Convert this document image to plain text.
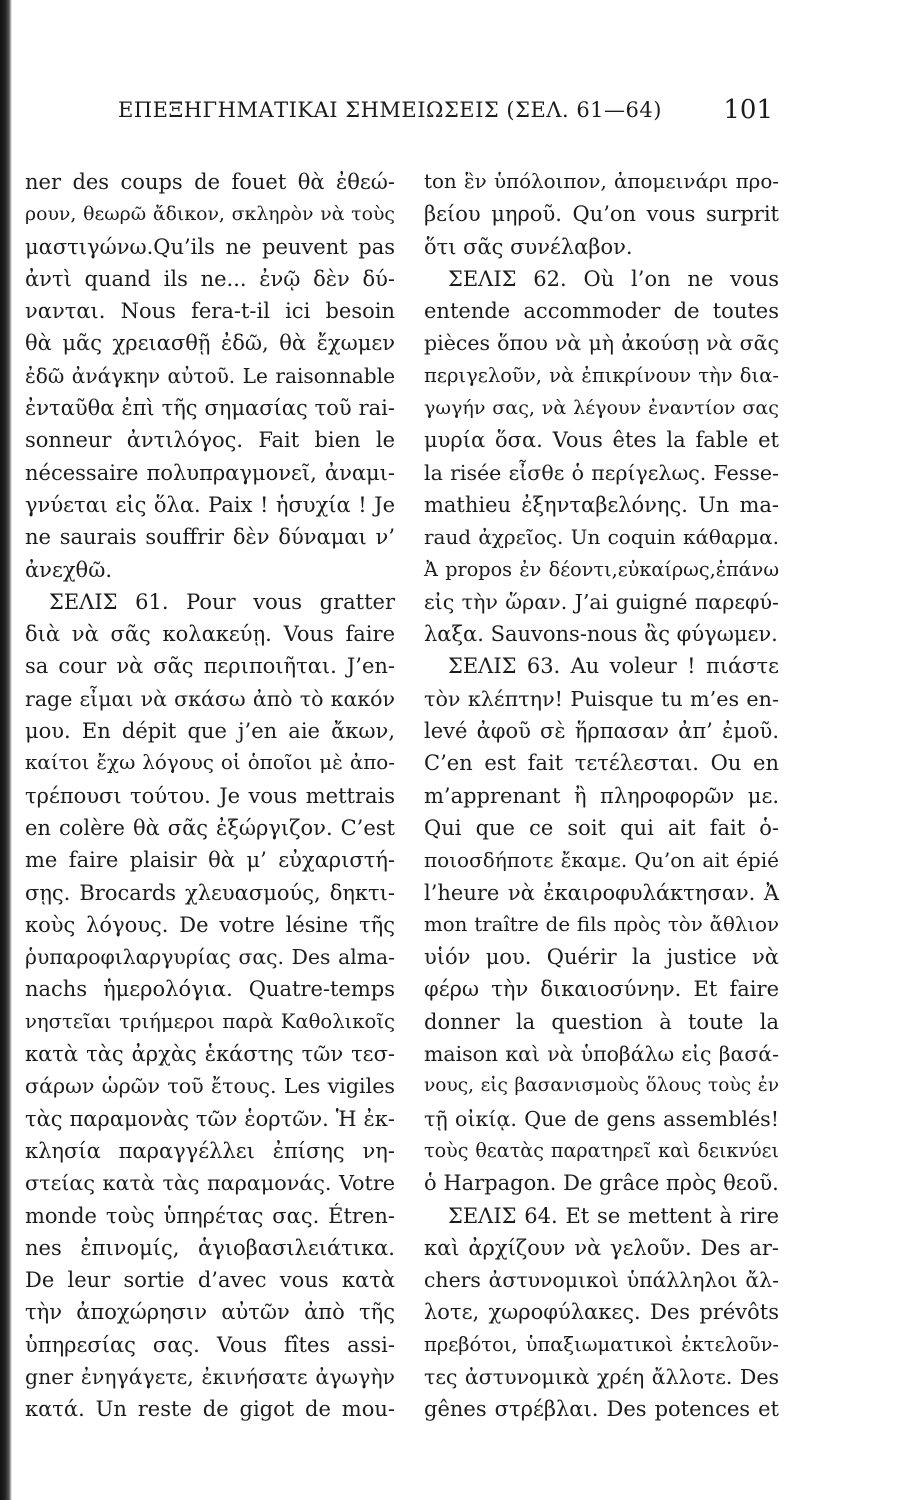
ΕΠΕΞΗΓΗΜΑΤΙΚΑΙ ΣΗΜΕΙΩΣΕΙΣ (ΣΕΛ. 61—64) 101
ner des coups de fouet θὰ ἐθεώ-
ρουν, θεωρῶ ἄδικον, σκληρὸν νὰ τοὺς
μαστιγώνω.Qu’ils ne peuvent pas
ἀντὶ quand ils ne... ἐνῷ δὲν δύ-
νανται. Nous fera-t-il ici besoin
θὰ μᾶς χρειασθῇ ἐδῶ, θὰ ἔχωμεν
ἐδῶ ἀνάγκην αὐτοῦ. Le raisonnable
ἐνταῦθα ἐπὶ τῆς σημασίας τοῦ rai-
sonneur ἀντιλόγος. Fait bien le
nécessaire πολυπραγμονεῖ, ἀναμι-
γνύεται εἰς ὅλα. Paix ! ἡσυχία ! Je
ne saurais souffrir δὲν δύναμαι ν’
ἀνεχθῶ.
ΣΕΛΙΣ 61. Pour vous gratter
διὰ νὰ σᾶς κολακεύῃ. Vous faire
sa cour νὰ σᾶς περιποιῆται. J’en-
rage εἶμαι νὰ σκάσω ἀπὸ τὸ κακόν
μου. En dépit que j’en aie ἄκων,
καίτοι ἔχω λόγους οἱ ὁποῖοι μὲ ἀπο-
τρέπουσι τούτου. Je vous mettrais
en colère θὰ σᾶς ἐξώργιζον. C’est
me faire plaisir θὰ μ’ εὐχαριστή-
σῃς. Brocards χλευασμούς, δηκτι-
κοὺς λόγους. De votre lésine τῆς
ῥυπαροφιλαργυρίας σας. Des alma-
nachs ἡμερολόγια. Quatre-temps
νηστεῖαι τριήμεροι παρὰ Καθολικοῖς
κατὰ τὰς ἀρχὰς ἑκάστης τῶν τεσ-
σάρων ὡρῶν τοῦ ἔτους. Les vigiles
τὰς παραμονὰς τῶν ἑορτῶν. Ἡ ἐκ-
κλησία παραγγέλλει ἐπίσης νη-
στείας κατὰ τὰς παραμονάς. Votre
monde τοὺς ὑπηρέτας σας. Étren-
nes ἐπινομίς, ἁγιοβασιλειάτικα.
De leur sortie d’avec vous κατὰ
τὴν ἀποχώρησιν αὐτῶν ἀπὸ τῆς
ὑπηρεσίας σας. Vous fîtes assi-
gner ἐνηγάγετε, ἐκινήσατε ἀγωγὴν
κατά. Un reste de gigot de mou-
ton ἓν ὑπόλοιπον, ἀπομεινάρι προ-
βείου μηροῦ. Qu’on vous surprit
ὅτι σᾶς συνέλαβον.
ΣΕΛΙΣ 62. Où l’on ne vous
entende accommoder de toutes
pièces ὅπου νὰ μὴ ἀκούσῃ νὰ σᾶς
περιγελοῦν, νὰ ἐπικρίνουν τὴν δια-
γωγήν σας, νὰ λέγουν ἐναντίον σας
μυρία ὅσα. Vous êtes la fable et
la risée εἶσθε ὁ περίγελως. Fesse-
mathieu ἐξηνταβελόνης. Un ma-
raud ἀχρεῖος. Un coquin κάθαρμα.
Ἀ propos ἐν δέοντι,εὐκαίρως,ἐπάνω
εἰς τὴν ὥραν. J’ai guigné παρεφύ-
λαξα. Sauvons-nous ἂς φύγωμεν.
ΣΕΛΙΣ 63. Au voleur ! πιάστε
τὸν κλέπτην! Puisque tu m’es en-
levé ἀφοῦ σὲ ἥρπασαν ἀπ’ ἐμοῦ.
C’en est fait τετέλεσται. Ou en
m’apprenant ἢ πληροφορῶν με.
Qui que ce soit qui ait fait ὁ-
ποιοσδήποτε ἔκαμε. Qu’on ait épié
l’heure νὰ ἐκαιροφυλάκτησαν. Ἀ
mon traître de fils πρὸς τὸν ἄθλιον
υἱόν μου. Quérir la justice νὰ
φέρω τὴν δικαιοσύνην. Et faire
donner la question à toute la
maison καὶ νὰ ὑποβάλω εἰς βασά-
νους, εἰς βασανισμοὺς ὅλους τοὺς ἐν
τῇ οἰκίᾳ. Que de gens assemblés!
τοὺς θεατὰς παρατηρεῖ καὶ δεικνύει
ὁ Harpagon. De grâce πρὸς θεοῦ.
ΣΕΛΙΣ 64. Et se mettent à rire
καὶ ἀρχίζουν νὰ γελοῦν. Des ar-
chers ἀστυνομικοὶ ὑπάλληλοι ἄλ-
λοτε, χωροφύλακες. Des prévôts
πρεβότοι, ὑπαξιωματικοὶ ἐκτελοῦν-
τες ἀστυνομικὰ χρέη ἄλλοτε. Des
gênes στρέβλαι. Des potences et
